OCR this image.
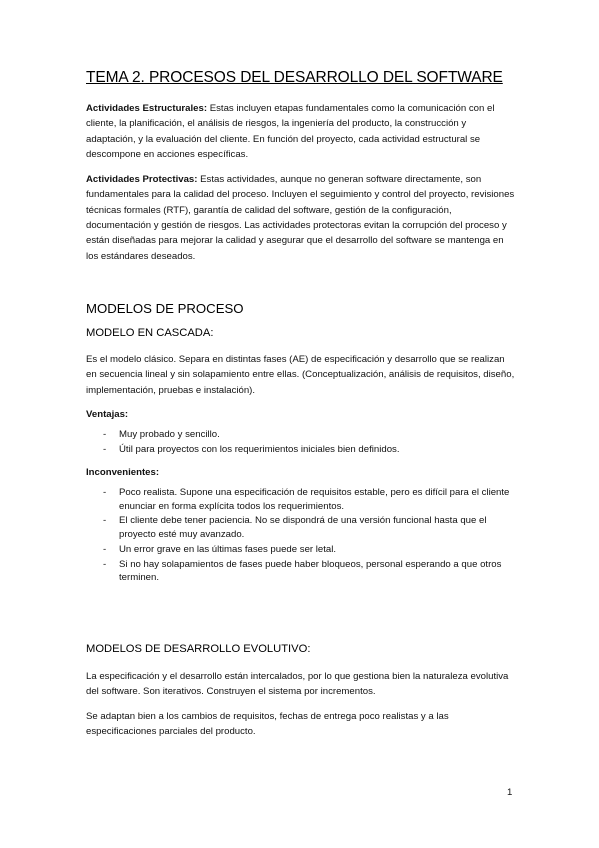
TEMA 2. PROCESOS DEL DESARROLLO DEL SOFTWARE

Actividades Estructurales: Estas incluyen etapas fundamentales como la comunicación con el cliente, la planificación, el análisis de riesgos, la ingeniería del producto, la construcción y adaptación, y la evaluación del cliente. En función del proyecto, cada actividad estructural se descompone en acciones específicas.

Actividades Protectivas: Estas actividades, aunque no generan software directamente, son fundamentales para la calidad del proceso. Incluyen el seguimiento y control del proyecto, revisiones técnicas formales (RTF), garantía de calidad del software, gestión de la configuración, documentación y gestión de riesgos. Las actividades protectoras evitan la corrupción del proceso y están diseñadas para mejorar la calidad y asegurar que el desarrollo del software se mantenga en los estándares deseados.

MODELOS DE PROCESO
MODELO EN CASCADA:

Es el modelo clásico. Separa en distintas fases (AE) de especificación y desarrollo que se realizan en secuencia lineal y sin solapamiento entre ellas. (Conceptualización, análisis de requisitos, diseño, implementación, pruebas e instalación).

Ventajas:
- Muy probado y sencillo.
- Útil para proyectos con los requerimientos iniciales bien definidos.
Inconvenientes:
- Poco realista. Supone una especificación de requisitos estable, pero es difícil para el cliente enunciar en forma explícita todos los requerimientos.
- El cliente debe tener paciencia. No se dispondrá de una versión funcional hasta que el proyecto esté muy avanzado.
- Un error grave en las últimas fases puede ser letal.
- Si no hay solapamientos de fases puede haber bloqueos, personal esperando a que otros terminen.
MODELOS DE DESARROLLO EVOLUTIVO:

La especificación y el desarrollo están intercalados, por lo que gestiona bien la naturaleza evolutiva del software. Son iterativos. Construyen el sistema por incrementos.

Se adaptan bien a los cambios de requisitos, fechas de entrega poco realistas y a las especificaciones parciales del producto.

1
